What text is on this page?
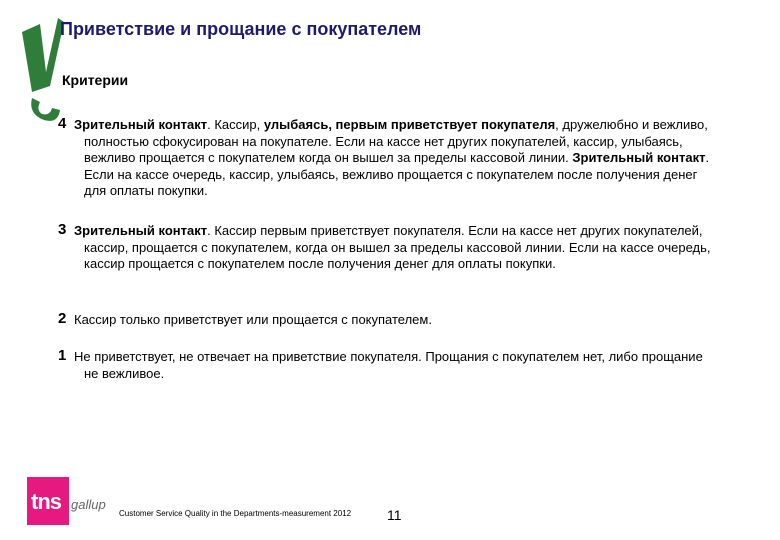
Приветствие и прощание с покупателем
Критерии
4 Зрительный контакт. Кассир, улыбаясь, первым приветствует покупателя, дружелюбно и вежливо, полностью сфокусирован на покупателе. Если на кассе нет других покупателей, кассир, улыбаясь, вежливо прощается с покупателем когда он вышел за пределы кассовой линии. Зрительный контакт. Если на кассе очередь, кассир, улыбаясь, вежливо прощается с покупателем после получения денег для оплаты покупки.

3 Зрительный контакт. Кассир первым приветствует покупателя. Если на кассе нет других покупателей, кассир, прощается с покупателем, когда он вышел за пределы кассовой линии. Если на кассе очередь, кассир прощается с покупателем после получения денег для оплаты покупки.

2 Кассир только приветствует или прощается с покупателем.

1 Не приветствует, не отвечает на приветствие покупателя. Прощания с покупателем нет, либо прощание не вежливое.

tns gallup
Customer Service Quality in the Departments-measurement 2012	11
